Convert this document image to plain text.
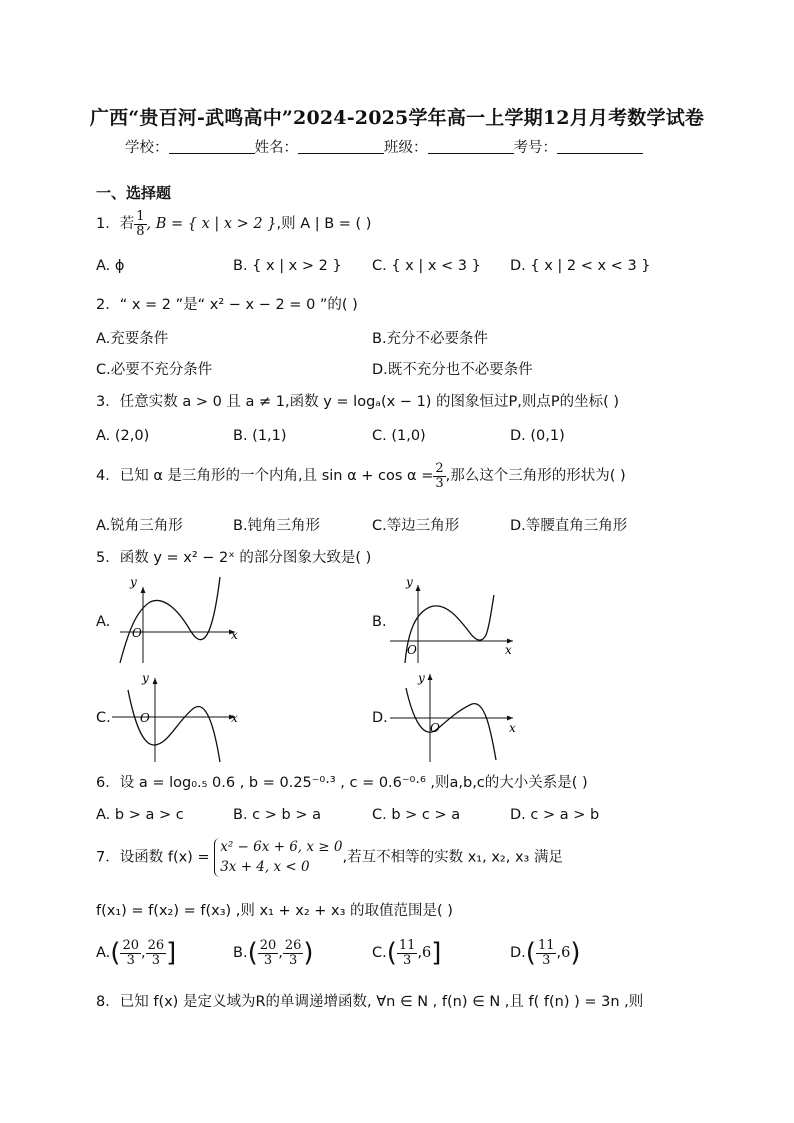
广西“贵百河-武鸣高中”2024-2025学年高一上学期12月月考数学试卷
学校：	姓名：	班级：	考号：
一、选择题
1．若 $\frac{1}{8}$ , B = { x | x > 2 },则 A | B = ( )
A. ϕ	B. { x | x > 2 } C. { x | x < 3 } D. { x | 2 < x < 3 }
2．“ x = 2 ”是“ x² − x − 2 = 0 ”的( )
A.充要条件	B.充分不必要条件
C.必要不充分条件	D.既不充分也不必要条件
3．任意实数 a > 0 且 a ≠ 1,函数 y = logₐ(x − 1) 的图象恒过P,则点P的坐标( )
A. (2,0)	B. (1,1)	C. (1,0)	D. (0,1)
4．已知 α 是三角形的一个内角,且 $\sin \alpha + \cos \alpha = \frac{2}{3}$ ,那么这个三角形的形状为( )
A.锐角三角形	B.钝角三角形	C.等边三角形	D.等腰直角三角形
5．函数 y = x² − 2ˣ 的部分图象大致是( )
A.
y
x
O
B.
y
x
O
C.
y
x
O	D.
y
x
O
6．设 a = log₀.₅ 0.6 , b = 0.25⁻⁰·³ , c = 0.6⁻⁰·⁶ ,则a,b,c的大小关系是( )
A. b > a > c	B. c > b > a	C. b > c > a	D. c > a > b
7．设函数 f(x) =
x² − 6x + 6, x ≥ 0
3x + 4, x < 0
,若互不相等的实数 x₁, x₂, x₃ 满足
f(x₁) = f(x₂) = f(x₃) ,则 x₁ + x₂ + x₃ 的取值范围是( )
$A.( \frac{20}{3}$ , $\frac{26}{3}$ ]	$B.( \frac{20}{3}$ , $\frac{26}{3}$ )	$C.( \frac{11}{3} ,6]$	$D.( \frac{11}{3} ,6)$
8．已知 f(x) 是定义域为R的单调递增函数, ∀n ∈ N , f(n) ∈ N ,且 f( f(n) ) = 3n ,则
